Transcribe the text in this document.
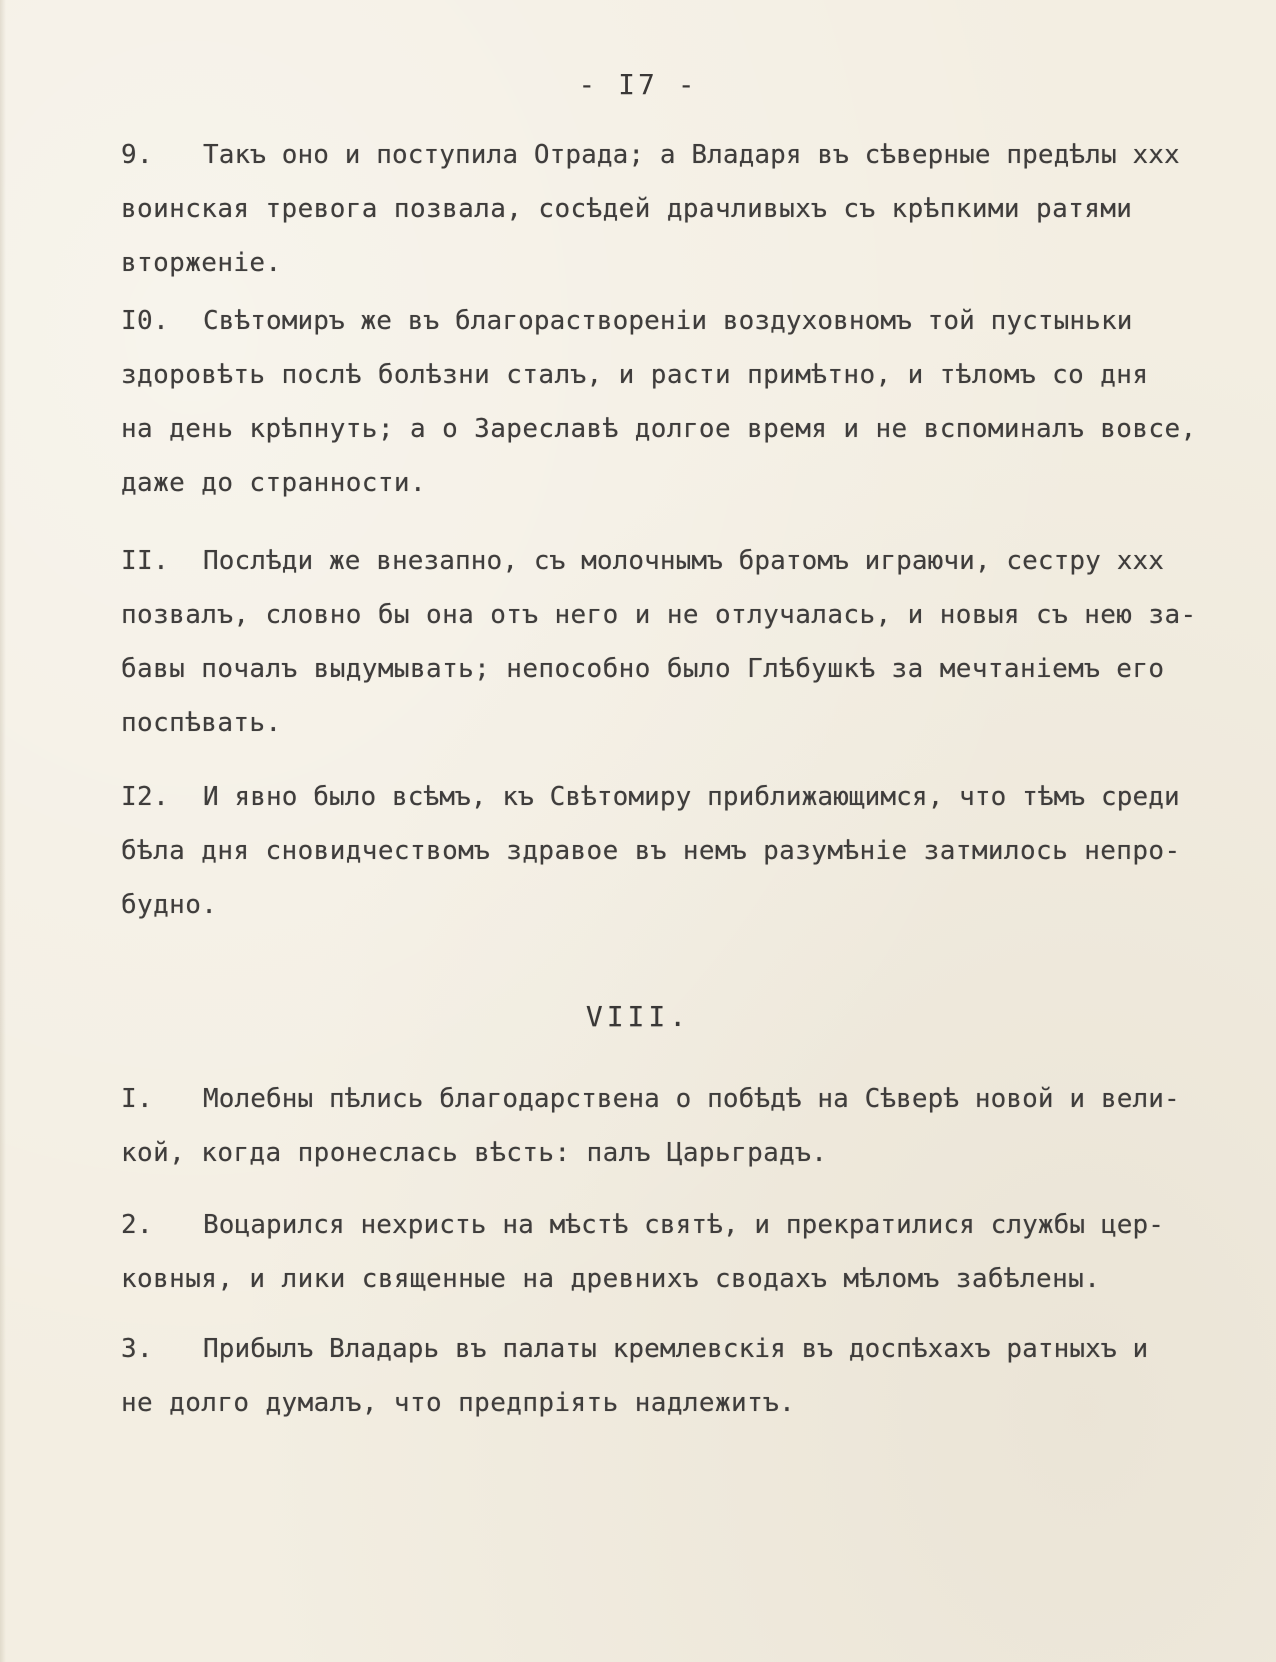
- I7 -
9. Такъ оно и поступила Отрада; а Владаря въ сѣверные предѣлы xxx
воинская тревога позвала, сосѣдей драчливыхъ съ крѣпкими ратями
вторженіе.
I0. Свѣтомиръ же въ благораствореніи воздуховномъ той пустыньки
здоровѣть послѣ болѣзни сталъ, и расти примѣтно, и тѣломъ со дня
на день крѣпнуть; а о Зареславѣ долгое время и не вспоминалъ вовсе,
даже до странности.
II. Послѣди же внезапно, съ молочнымъ братомъ играючи, сестру xxx
позвалъ, словно бы она отъ него и не отлучалась, и новыя съ нею за-
бавы почалъ выдумывать; непособно было Глѣбушкѣ за мечтаніемъ его
поспѣвать.
I2. И явно было всѣмъ, къ Свѣтомиру приближающимся, что тѣмъ среди
бѣла дня сновидчествомъ здравое въ немъ разумѣніе затмилось непро-
будно.
VIII.
I. Молебны пѣлись благодарствена о побѣдѣ на Сѣверѣ новой и вели-
кой, когда пронеслась вѣсть: палъ Царьградъ.
2. Воцарился нехристь на мѣстѣ святѣ, и прекратилися службы цер-
ковныя, и лики священные на древнихъ сводахъ мѣломъ забѣлены.
3. Прибылъ Владарь въ палаты кремлевскія въ доспѣхахъ ратныхъ и
не долго думалъ, что предпріять надлежитъ.
